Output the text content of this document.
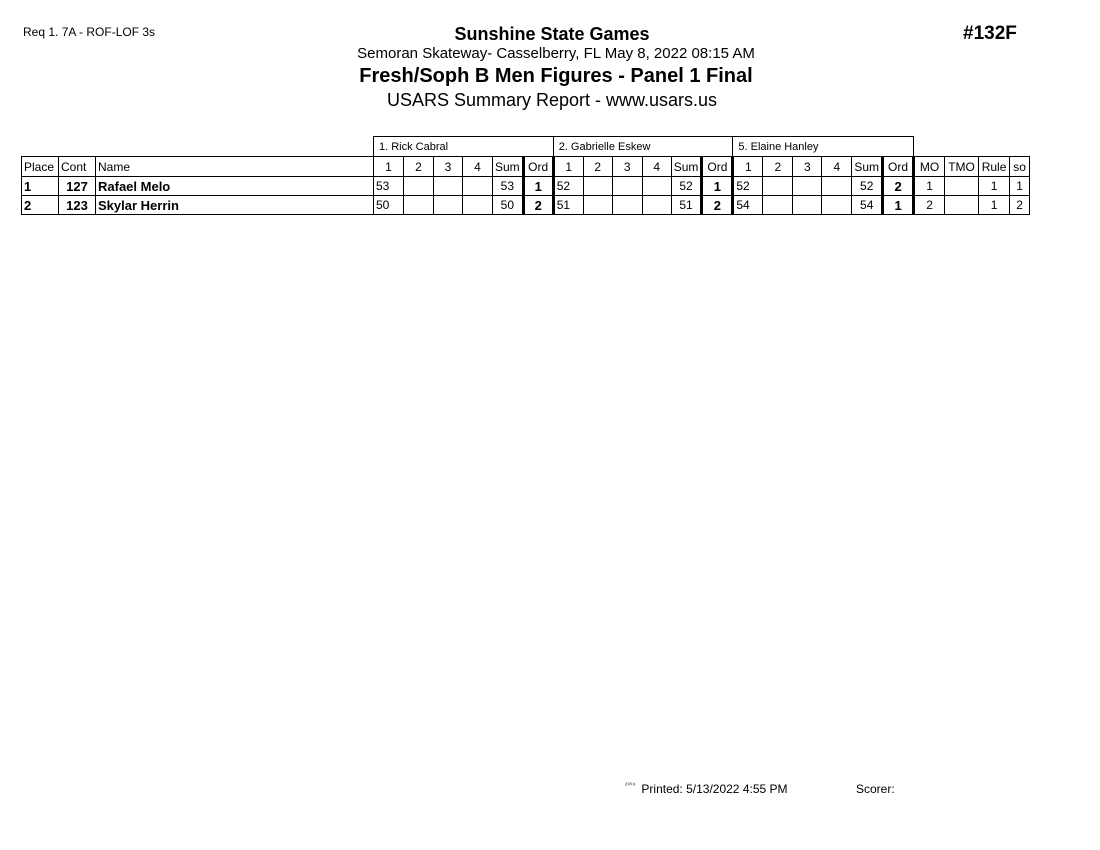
Req 1. 7A - ROF-LOF 3s	#132F
Sunshine State Games
Semoran Skateway- Casselberry, FL May 8, 2022 08:15 AM
Fresh/Soph B Men Figures - Panel 1 Final
USARS Summary Report - www.usars.us
			1. Rick Cabral						2. Gabrielle Eskew						5. Elaine Hanley									
Place	Cont	Name	1	2	3	4	Sum	Ord	1	2	3	4	Sum	Ord	1	2	3	4	Sum	Ord	MO	TMO	Rule	so
1	127	Rafael Melo	53				53	1	52				52	1	52				52	2	1		1	1
2	123	Skylar Herrin	50				50	2	51				51	2	54				54	1	2		1	2
$^{^{2303}}$ Printed: 5/13/2022 4:55 PM	Scorer:
